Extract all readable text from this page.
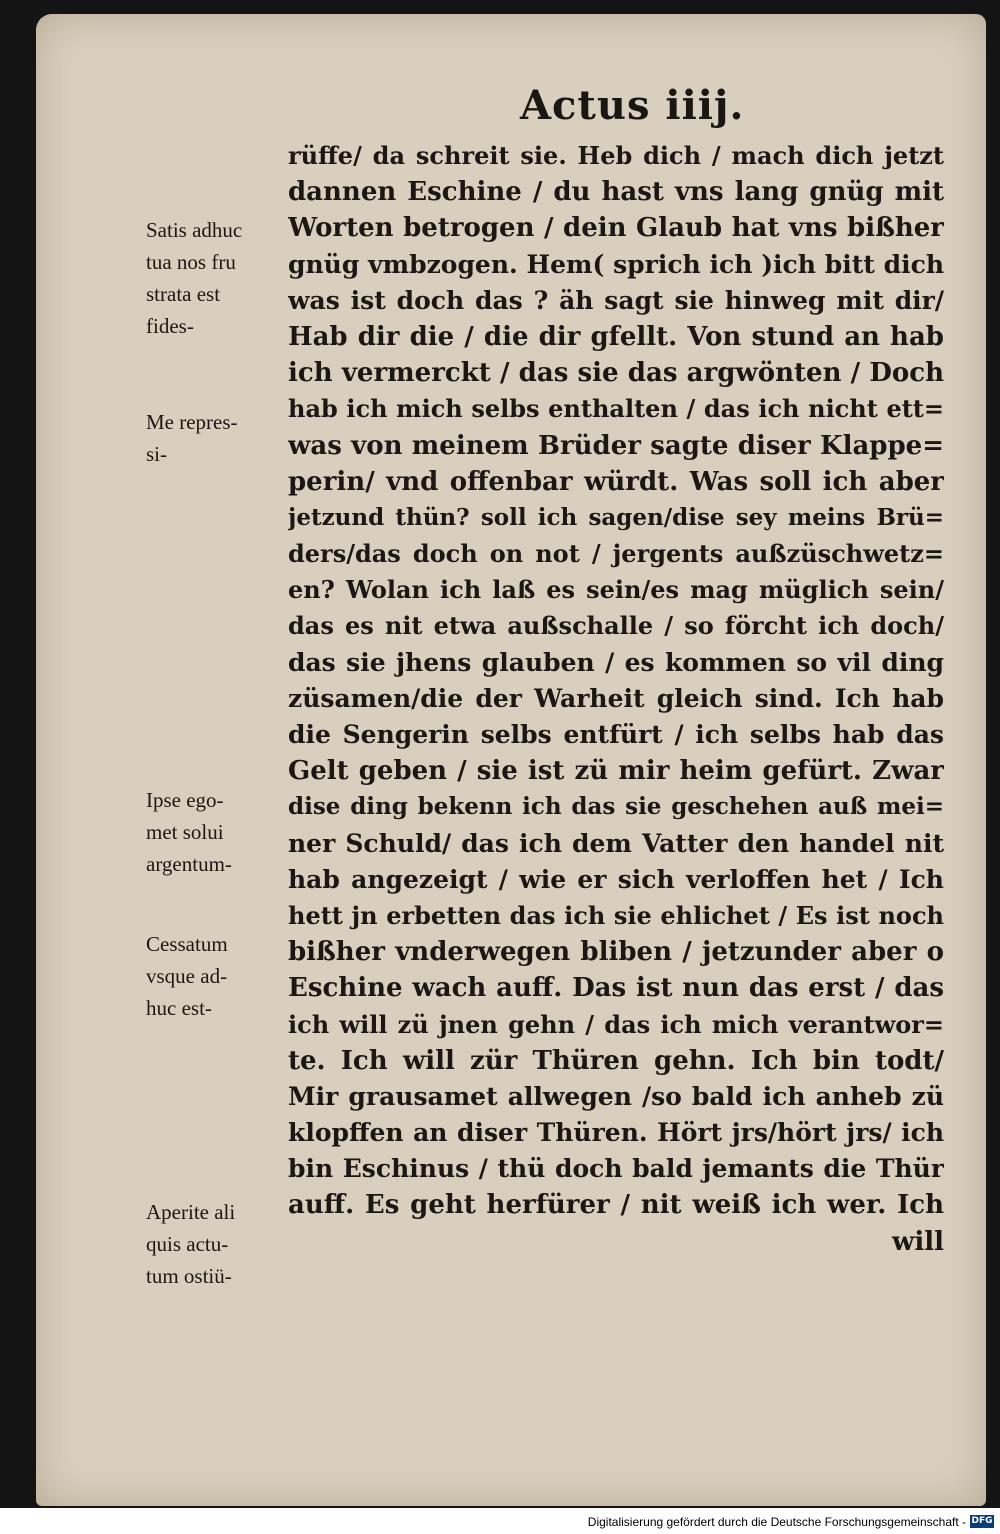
Actus iiij.
rüffe/ da schreit sie. Heb dich / mach dich jetzt
dannen Eschine / du hast vns lang gnüg mit
Worten betrogen / dein Glaub hat vns bißher
gnüg vmbzogen. Hem( sprich ich )ich bitt dich
was ist doch das ? äh sagt sie hinweg mit dir/
Hab dir die / die dir gfellt. Von stund an hab
ich vermerckt / das sie das argwönten / Doch
hab ich mich selbs enthalten / das ich nicht ett=
was von meinem Brüder sagte diser Klappe=
perin/ vnd offenbar würdt. Was soll ich aber
jetzund thün? soll ich sagen/dise sey meins Brü=
ders/das doch on not / jergents außzüschwetz=
en? Wolan ich laß es sein/es mag müglich sein/
das es nit etwa außschalle / so förcht ich doch/
das sie jhens glauben / es kommen so vil ding
züsamen/die der Warheit gleich sind. Ich hab
die Sengerin selbs entfürt / ich selbs hab das
Gelt geben / sie ist zü mir heim gefürt. Zwar
dise ding bekenn ich das sie geschehen auß mei=
ner Schuld/ das ich dem Vatter den handel nit
hab angezeigt / wie er sich verloffen het / Ich
hett jn erbetten das ich sie ehlichet / Es ist noch
bißher vnderwegen bliben / jetzunder aber o
Eschine wach auff. Das ist nun das erst / das
ich will zü jnen gehn / das ich mich verantwor=
te. Ich will zür Thüren gehn. Ich bin todt/
Mir grausamet allwegen /so bald ich anheb zü
klopffen an diser Thüren. Hört jrs/hört jrs/ ich
bin Eschinus / thü doch bald jemants die Thür
auff. Es geht herfürer / nit weiß ich wer. Ich
will
Satis adhuc
tua nos fru
strata est
fides-
Me repres-
si-
Ipse ego-
met solui
argentum-
Cessatum
vsque ad-
huc est-
Aperite ali
quis actu-
tum ostiü-
Digitalisierung gefördert durch die Deutsche Forschungsgemeinschaft - DFG
